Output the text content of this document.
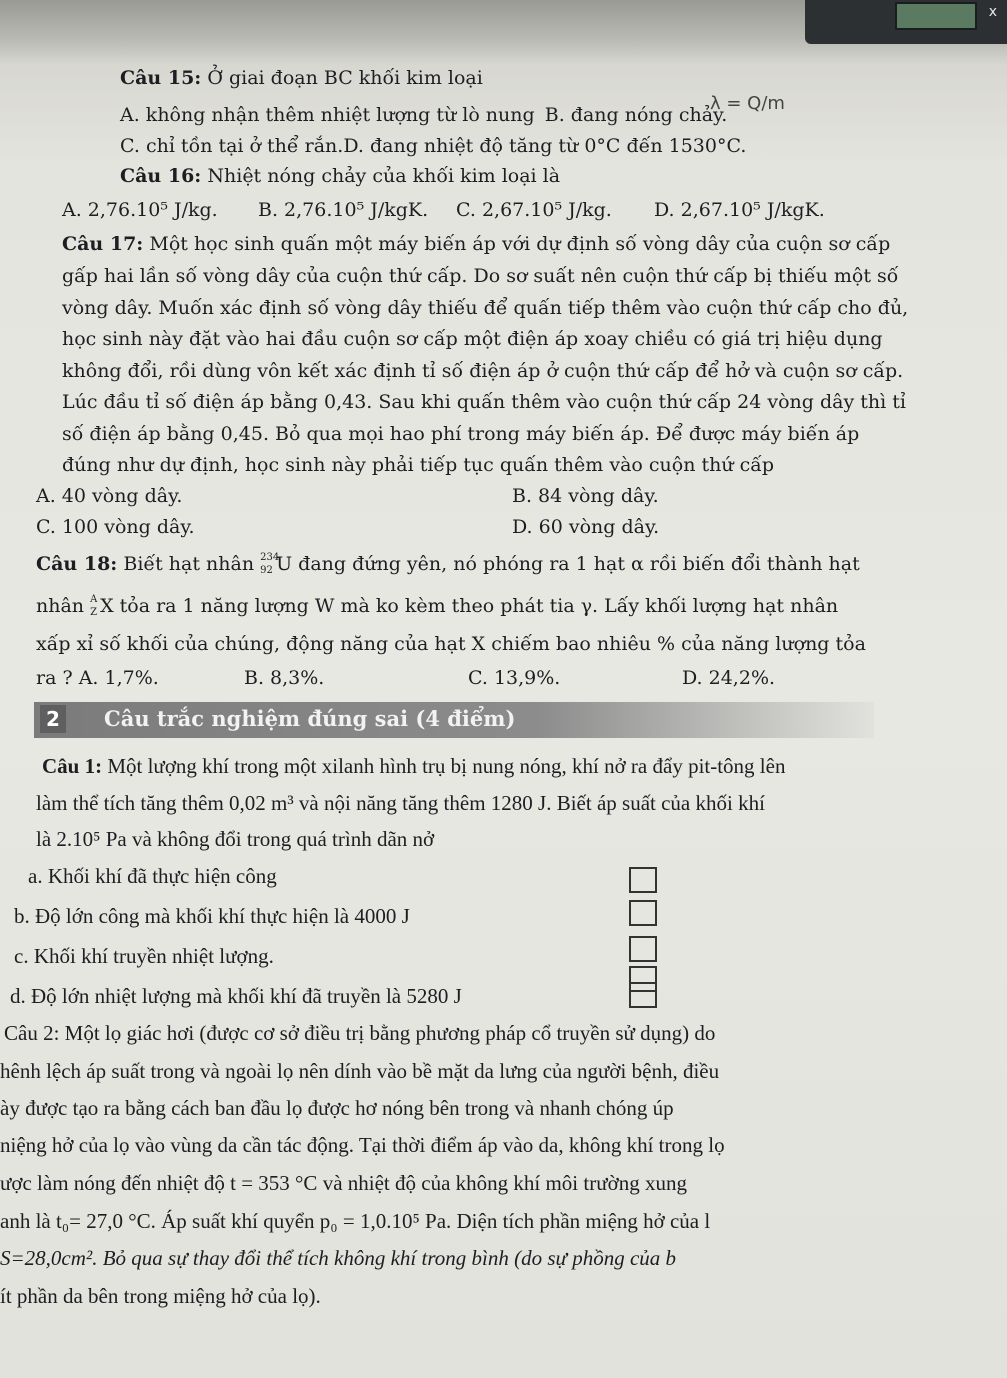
x
Câu 15: Ở giai đoạn BC khối kim loại
A. không nhận thêm nhiệt lượng từ lò nung B. đang nóng chảy.
C. chỉ tồn tại ở thể rắn.D. đang nhiệt độ tăng từ 0°C đến 1530°C.
λ = Q/m
Câu 16: Nhiệt nóng chảy của khối kim loại là
A. 2,76.10⁵ J/kg. B. 2,76.10⁵ J/kgK. C. 2,67.10⁵ J/kg. D. 2,67.10⁵ J/kgK.
Câu 17: Một học sinh quấn một máy biến áp với dự định số vòng dây của cuộn sơ cấp
gấp hai lần số vòng dây của cuộn thứ cấp. Do sơ suất nên cuộn thứ cấp bị thiếu một số
vòng dây. Muốn xác định số vòng dây thiếu để quấn tiếp thêm vào cuộn thứ cấp cho đủ,
học sinh này đặt vào hai đầu cuộn sơ cấp một điện áp xoay chiều có giá trị hiệu dụng
không đổi, rồi dùng vôn kết xác định tỉ số điện áp ở cuộn thứ cấp để hở và cuộn sơ cấp.
Lúc đầu tỉ số điện áp bằng 0,43. Sau khi quấn thêm vào cuộn thứ cấp 24 vòng dây thì tỉ
số điện áp bằng 0,45. Bỏ qua mọi hao phí trong máy biến áp. Để được máy biến áp
đúng như dự định, học sinh này phải tiếp tục quấn thêm vào cuộn thứ cấp
A. 40 vòng dây.	B. 84 vòng dây.
C. 100 vòng dây.	D. 60 vòng dây.
Câu 18: Biết hạt nhân 234
92 U đang đứng yên, nó phóng ra 1 hạt α rồi biến đổi thành hạt
nhân A
Z X tỏa ra 1 năng lượng W mà ko kèm theo phát tia γ. Lấy khối lượng hạt nhân
xấp xỉ số khối của chúng, động năng của hạt X chiếm bao nhiêu % của năng lượng tỏa
ra ? A. 1,7%.	B. 8,3%.	C. 13,9%.	D. 24,2%.
2 Câu trắc nghiệm đúng sai (4 điểm)
Câu 1: Một lượng khí trong một xilanh hình trụ bị nung nóng, khí nở ra đẩy pit-tông lên
làm thể tích tăng thêm 0,02 m³ và nội năng tăng thêm 1280 J. Biết áp suất của khối khí
là 2.10⁵ Pa và không đổi trong quá trình dãn nở
a. Khối khí đã thực hiện công
b. Độ lớn công mà khối khí thực hiện là 4000 J
c. Khối khí truyền nhiệt lượng.
d. Độ lớn nhiệt lượng mà khối khí đã truyền là 5280 J
Câu 2: Một lọ giác hơi (được cơ sở điều trị bằng phương pháp cổ truyền sử dụng) do
hênh lệch áp suất trong và ngoài lọ nên dính vào bề mặt da lưng của người bệnh, điều
ày được tạo ra bằng cách ban đầu lọ được hơ nóng bên trong và nhanh chóng úp
niệng hở của lọ vào vùng da cần tác động. Tại thời điểm áp vào da, không khí trong lọ
ược làm nóng đến nhiệt độ t = 353 °C và nhiệt độ của không khí môi trường xung
anh là t₀= 27,0 °C. Áp suất khí quyển p₀ = 1,0.10⁵ Pa. Diện tích phần miệng hở của l
S=28,0cm². Bỏ qua sự thay đổi thể tích không khí trong bình (do sự phồng của b
ít phần da bên trong miệng hở của lọ).
